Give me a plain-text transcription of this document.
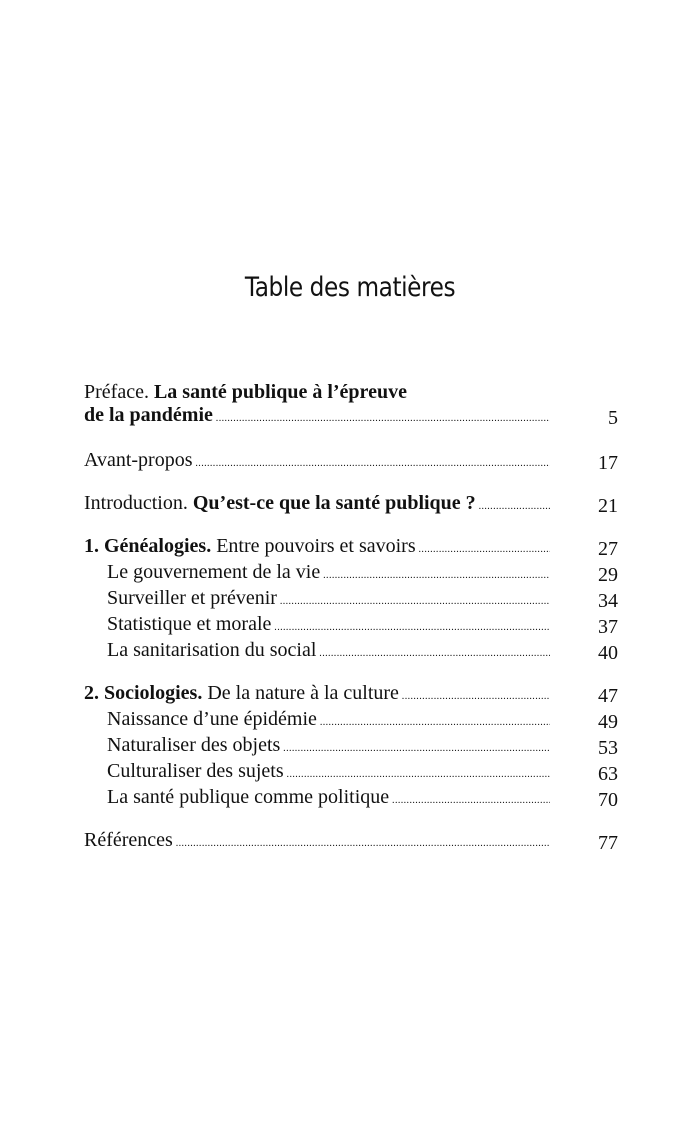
Table des matières
Préface. La santé publique à l’épreuve

de la pandémie .....	5
Avant-propos .....	17
Introduction. Qu’est-ce que la santé publique ? .....	21
1. Généalogies. Entre pouvoirs et savoirs .....	27
Le gouvernement de la vie .....	29
Surveiller et prévenir .....	34
Statistique et morale .....	37
La sanitarisation du social .....	40
2. Sociologies. De la nature à la culture .....	47
Naissance d’une épidémie .....	49
Naturaliser des objets .....	53
Culturaliser des sujets .....	63
La santé publique comme politique .....	70
Références .....	77
